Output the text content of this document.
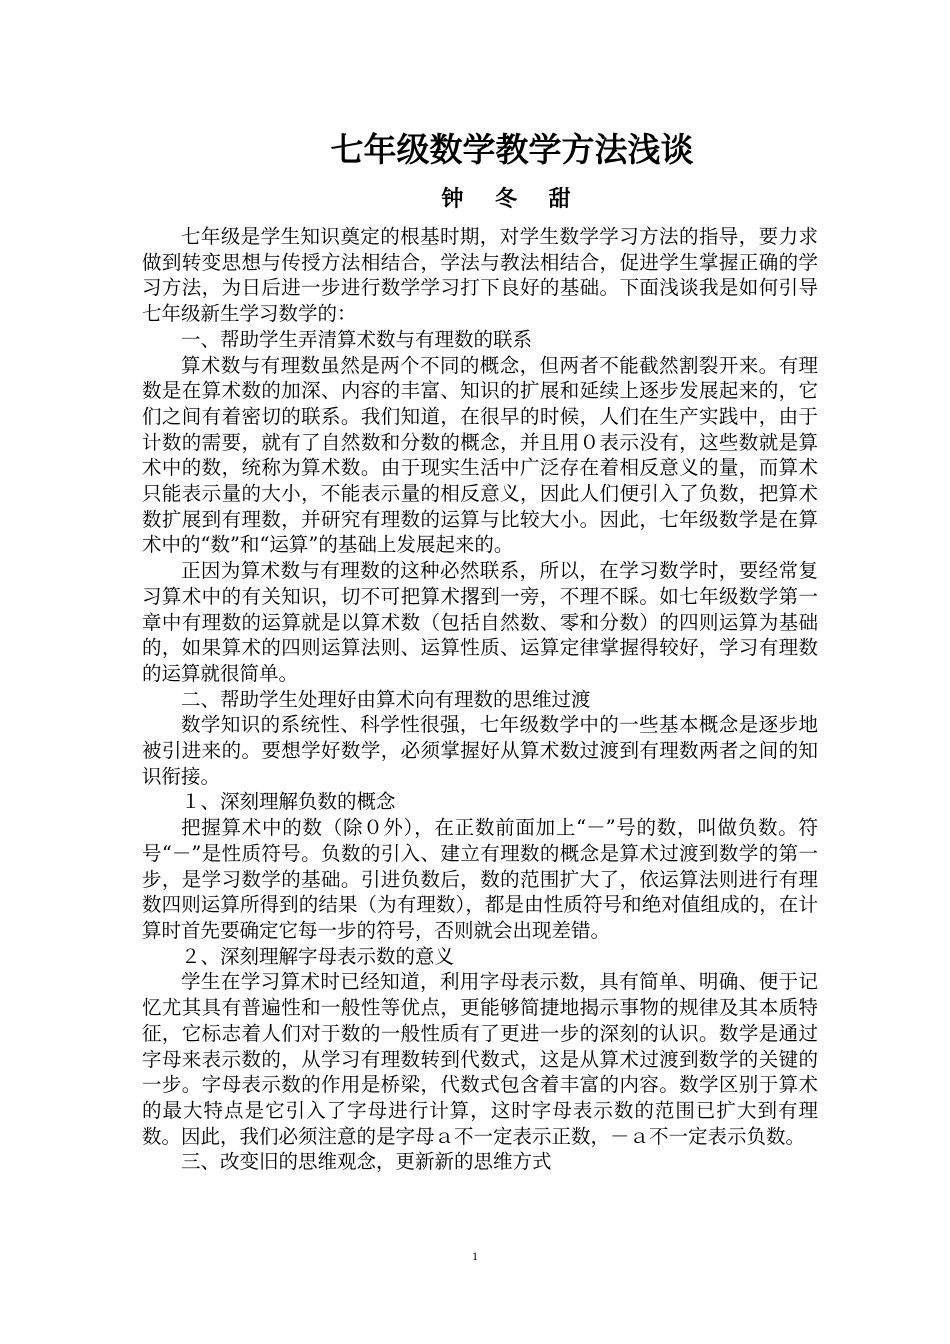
七年级数学教学方法浅谈
钟 冬 甜

七年级是学生知识奠定的根基时期，对学生数学学习方法的指导，要力求做到转变思想与传授方法相结合，学法与教法相结合，促进学生掌握正确的学习方法，为日后进一步进行数学学习打下良好的基础。下面浅谈我是如何引导七年级新生学习数学的：

一、帮助学生弄清算术数与有理数的联系

算术数与有理数虽然是两个不同的概念，但两者不能截然割裂开来。有理数是在算术数的加深、内容的丰富、知识的扩展和延续上逐步发展起来的，它们之间有着密切的联系。我们知道，在很早的时候，人们在生产实践中，由于计数的需要，就有了自然数和分数的概念，并且用０表示没有，这些数就是算术中的数，统称为算术数。由于现实生活中广泛存在着相反意义的量，而算术只能表示量的大小，不能表示量的相反意义，因此人们便引入了负数，把算术数扩展到有理数，并研究有理数的运算与比较大小。因此，七年级数学是在算术中的“数”和“运算”的基础上发展起来的。

正因为算术数与有理数的这种必然联系，所以，在学习数学时，要经常复习算术中的有关知识，切不可把算术撂到一旁，不理不睬。如七年级数学第一章中有理数的运算就是以算术数（包括自然数、零和分数）的四则运算为基础的，如果算术的四则运算法则、运算性质、运算定律掌握得较好，学习有理数的运算就很简单。

二、帮助学生处理好由算术向有理数的思维过渡

数学知识的系统性、科学性很强，七年级数学中的一些基本概念是逐步地被引进来的。要想学好数学，必须掌握好从算术数过渡到有理数两者之间的知识衔接。

１、深刻理解负数的概念

把握算术中的数（除０外），在正数前面加上“－”号的数，叫做负数。符号“－”是性质符号。负数的引入、建立有理数的概念是算术过渡到数学的第一步，是学习数学的基础。引进负数后，数的范围扩大了，依运算法则进行有理数四则运算所得到的结果（为有理数），都是由性质符号和绝对值组成的，在计算时首先要确定它每一步的符号，否则就会出现差错。

２、深刻理解字母表示数的意义

学生在学习算术时已经知道，利用字母表示数，具有简单、明确、便于记忆尤其具有普遍性和一般性等优点，更能够简捷地揭示事物的规律及其本质特征，它标志着人们对于数的一般性质有了更进一步的深刻的认识。数学是通过字母来表示数的，从学习有理数转到代数式，这是从算术过渡到数学的关键的一步。字母表示数的作用是桥梁，代数式包含着丰富的内容。数学区别于算术的最大特点是它引入了字母进行计算，这时字母表示数的范围已扩大到有理数。因此，我们必须注意的是字母ａ不一定表示正数，－ａ不一定表示负数。

三、改变旧的思维观念，更新新的思维方式

1
